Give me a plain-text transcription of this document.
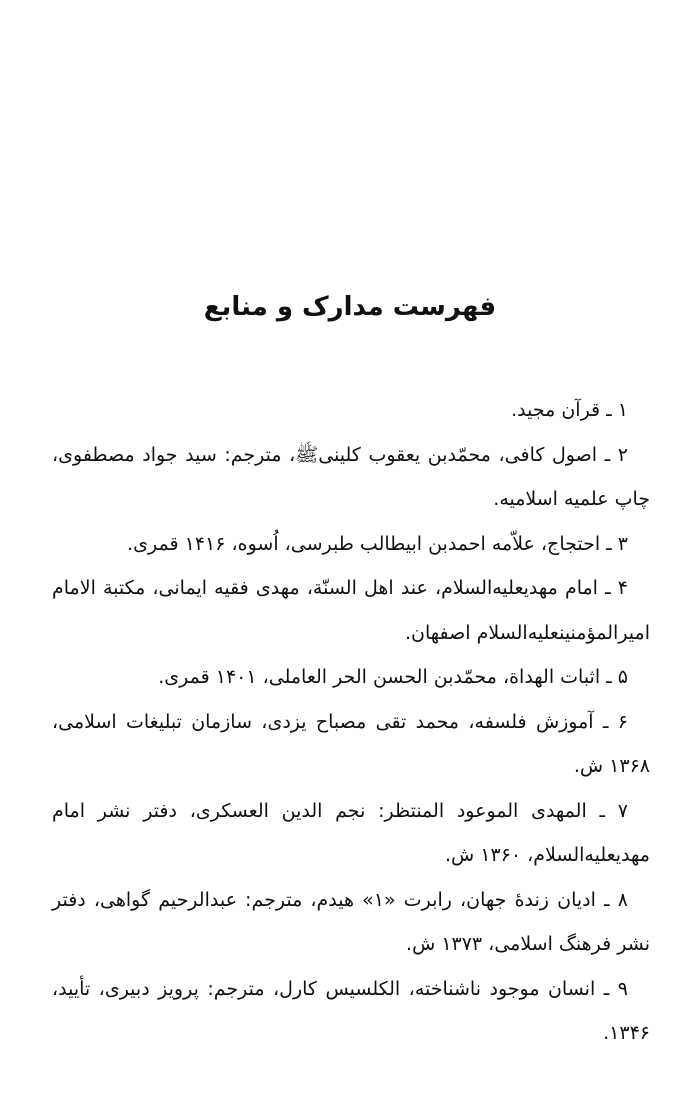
فهرست مدارک و منابع

۱ ـ قرآن مجید.

۲ ـ اصول کافی، محمّدبن یعقوب کلینیﷺ، مترجم: سید جواد مصطفوی، چاپ علمیه اسلامیه.

۳ ـ احتجاج، علاّمه احمدبن ابیطالب طبرسی، اُسوه، ۱۴۱۶ قمری.

۴ ـ امام مهدیعليه‌السلام، عند اهل السنّة، مهدی فقیه ایمانی، مکتبة الامام امیرالمؤمنینعليه‌السلام اصفهان.

۵ ـ اثبات الهداة، محمّدبن الحسن الحر العاملی، ۱۴۰۱ قمری.

۶ ـ آموزش فلسفه، محمد تقی مصباح یزدی، سازمان تبلیغات اسلامی، ۱۳۶۸ ش.

۷ ـ المهدی الموعود المنتظر: نجم الدین العسکری، دفتر نشر امام مهدیعليه‌السلام، ۱۳۶۰ ش.

۸ ـ ادیان زندهٔ جهان، رابرت «۱» هیدم، مترجم: عبدالرحیم گواهی، دفتر نشر فرهنگ اسلامی، ۱۳۷۳ ش.

۹ ـ انسان موجود ناشناخته، الکلسیس کارل، مترجم: پرویز دبیری، تأیید، ۱۳۴۶.
